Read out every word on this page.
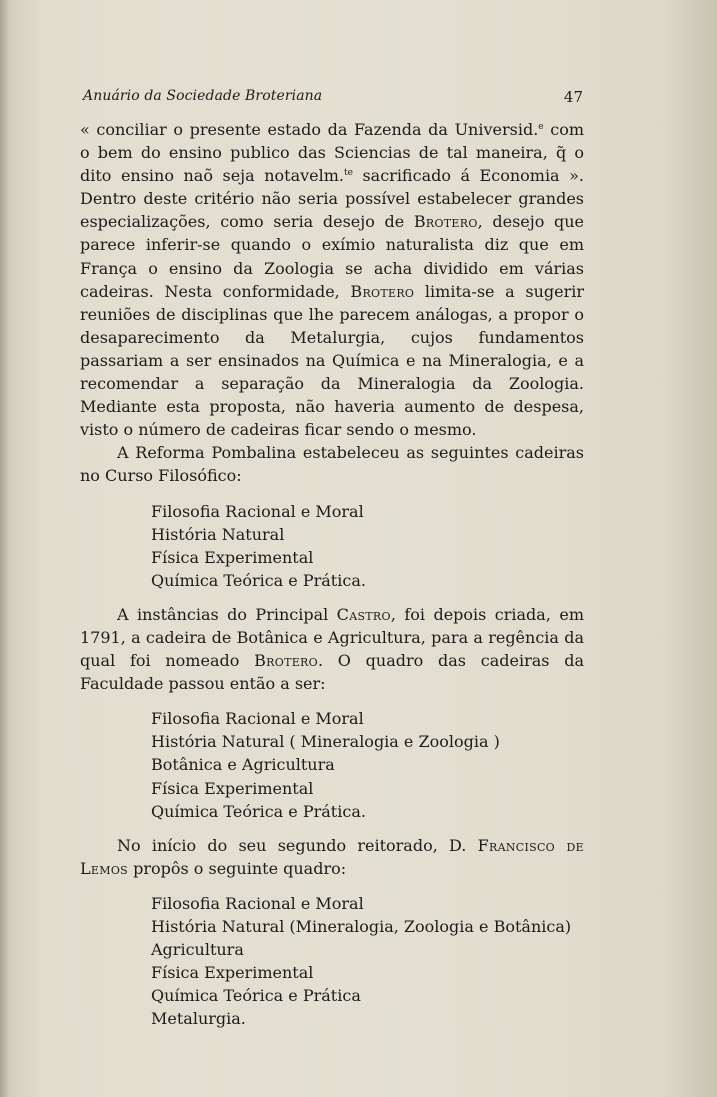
Anuário da Sociedade Broteriana	47

« conciliar o presente estado da Fazenda da Universid.$^e$ com o bem do ensino publico das Sciencias de tal maneira, q̃ o dito ensino naõ seja notavelm.$^{te}$ sacrificado á Economia ». Dentro deste critério não seria possível estabelecer grandes especializações, como seria desejo de Brotero, desejo que parece inferir-se quando o exímio naturalista diz que em França o ensino da Zoologia se acha dividido em várias cadeiras. Nesta conformidade, Brotero limita-se a sugerir reuniões de disciplinas que lhe parecem análogas, a propor o desaparecimento da Metalurgia, cujos fundamentos passariam a ser ensinados na Química e na Mineralogia, e a recomendar a separação da Mineralogia da Zoologia. Mediante esta proposta, não haveria aumento de despesa, visto o número de cadeiras ficar sendo o mesmo.

A Reforma Pombalina estabeleceu as seguintes cadeiras no Curso Filosófico:

Filosofia Racional e Moral
História Natural
Física Experimental
Química Teórica e Prática.

A instâncias do Principal Castro, foi depois criada, em 1791, a cadeira de Botânica e Agricultura, para a regência da qual foi nomeado Brotero. O quadro das cadeiras da Faculdade passou então a ser:

Filosofia Racional e Moral
História Natural ( Mineralogia e Zoologia )
Botânica e Agricultura
Física Experimental
Química Teórica e Prática.

No início do seu segundo reitorado, D. Francisco de Lemos propôs o seguinte quadro:

Filosofia Racional e Moral
História Natural (Mineralogia, Zoologia e Botânica)
Agricultura
Física Experimental
Química Teórica e Prática
Metalurgia.
